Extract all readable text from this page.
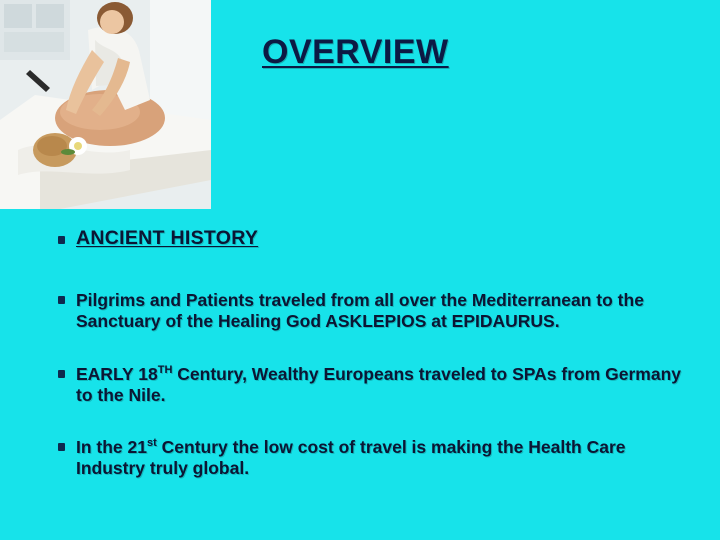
OVERVIEW
ANCIENT HISTORY
Pilgrims and Patients traveled from all over the Mediterranean to the Sanctuary of the Healing God ASKLEPIOS at EPIDAURUS.
EARLY 18TH Century, Wealthy Europeans traveled to SPAs from Germany to the Nile.
In the 21st Century the low cost of travel is making the Health Care Industry truly global.
